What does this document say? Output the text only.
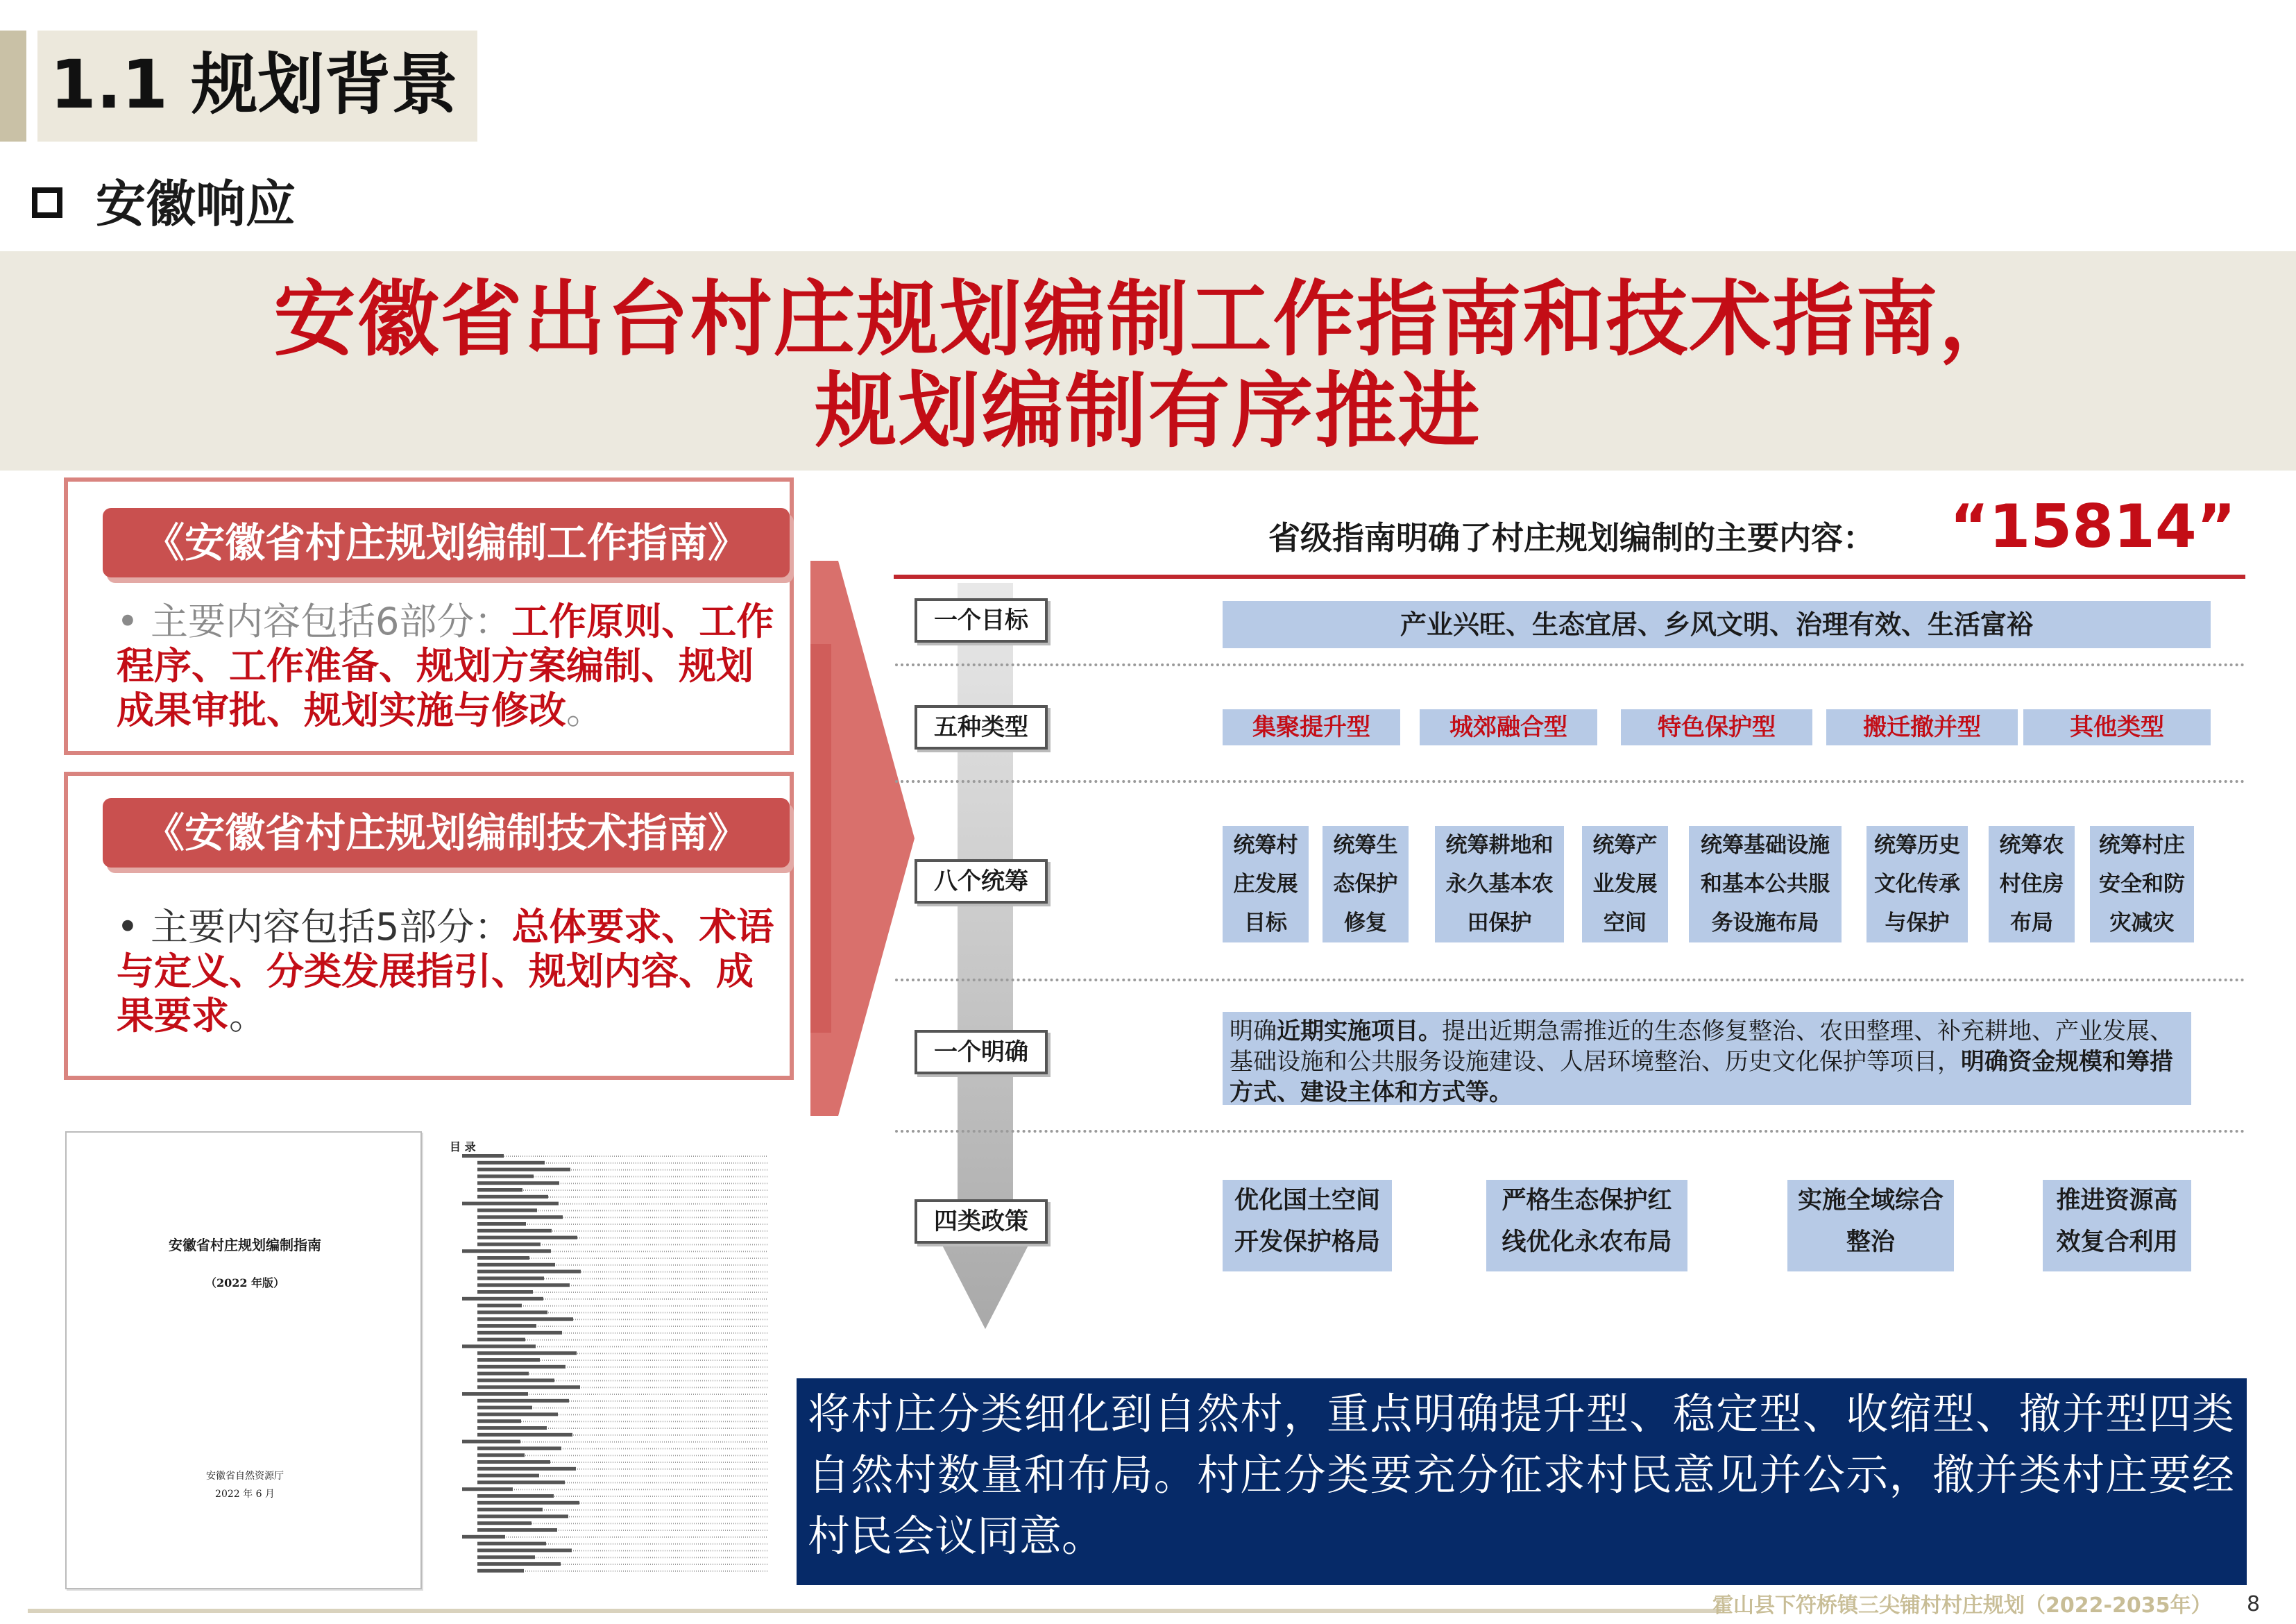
1.1 规划背景
安徽响应
安徽省出台村庄规划编制工作指南和技术指南，
规划编制有序推进
《安徽省村庄规划编制工作指南》
• 主要内容包括6部分：工作原则、工作程序、工作准备、规划方案编制、规划成果审批、规划实施与修改。
《安徽省村庄规划编制技术指南》
• 主要内容包括5部分：总体要求、术语与定义、分类发展指引、规划内容、成果要求。
省级指南明确了村庄规划编制的主要内容： “15814”
一个目标
五种类型
八个统筹
一个明确
四类政策
产业兴旺、生态宜居、乡风文明、治理有效、生活富裕
集聚提升型	城郊融合型	特色保护型	搬迁撤并型	其他类型
统筹村
庄发展
目标
统筹生
态保护
修复
统筹耕地和
永久基本农
田保护
统筹产
业发展
空间
统筹基础设施
和基本公共服
务设施布局
统筹历史
文化传承
与保护
统筹农
村住房
布局
统筹村庄
安全和防
灾减灾
明确近期实施项目。提出近期急需推近的生态修复整治、农田整理、补充耕地、产业发展、基础设施和公共服务设施建设、人居环境整治、历史文化保护等项目，明确资金规模和筹措方式、建设主体和方式等。
优化国土空间
开发保护格局
严格生态保护红
线优化永农布局
实施全域综合
整治
推进资源高
效复合利用
安徽省村庄规划编制指南
（2022 年版）
安徽省自然资源厅
2022 年 6 月
目 录
将村庄分类细化到自然村，重点明确提升型、稳定型、收缩型、撤并型四类自然村数量和布局。村庄分类要充分征求村民意见并公示，撤并类村庄要经村民会议同意。
霍山县下符桥镇三尖铺村村庄规划（2022-2035年） 8
